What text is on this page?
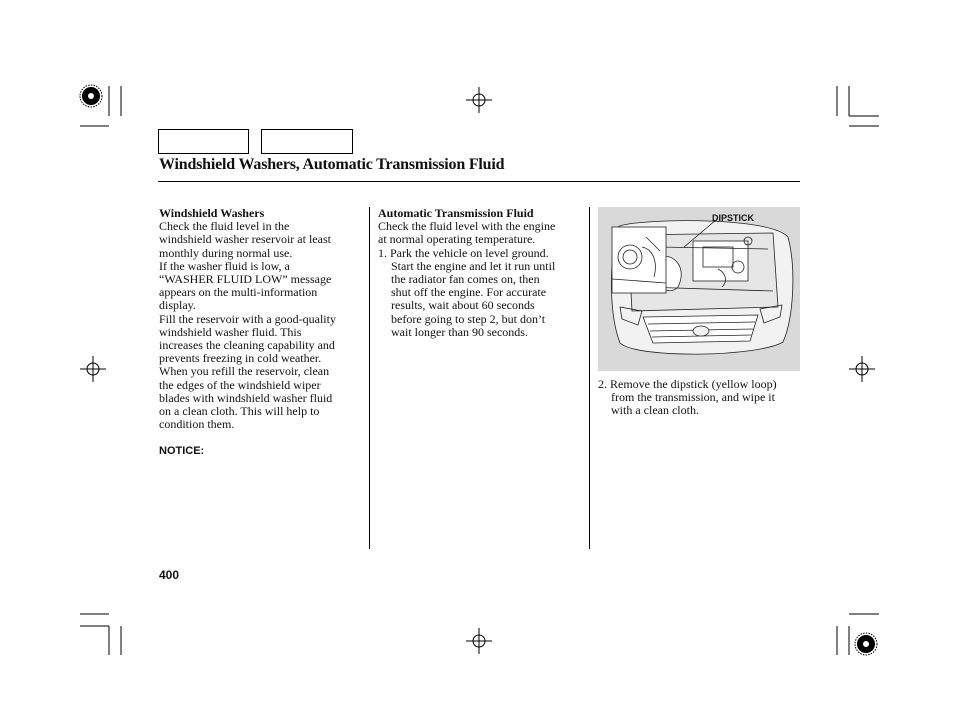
Windshield Washers, Automatic Transmission Fluid

Windshield Washers

Check the fluid level in the

windshield washer reservoir at least

monthly during normal use.

If the washer fluid is low, a

“WASHER FLUID LOW” message

appears on the multi-information

display.

Fill the reservoir with a good-quality

windshield washer fluid. This

increases the cleaning capability and

prevents freezing in cold weather.

When you refill the reservoir, clean

the edges of the windshield wiper

blades with windshield washer fluid

on a clean cloth. This will help to

condition them.

NOTICE:

Automatic Transmission Fluid

Check the fluid level with the engine

at normal operating temperature.

1. Park the vehicle on level ground.

Start the engine and let it run until

the radiator fan comes on, then

shut off the engine. For accurate

results, wait about 60 seconds

before going to step 2, but don’t

wait longer than 90 seconds.

DIPSTICK

2. Remove the dipstick (yellow loop)

from the transmission, and wipe it

with a clean cloth.

400
